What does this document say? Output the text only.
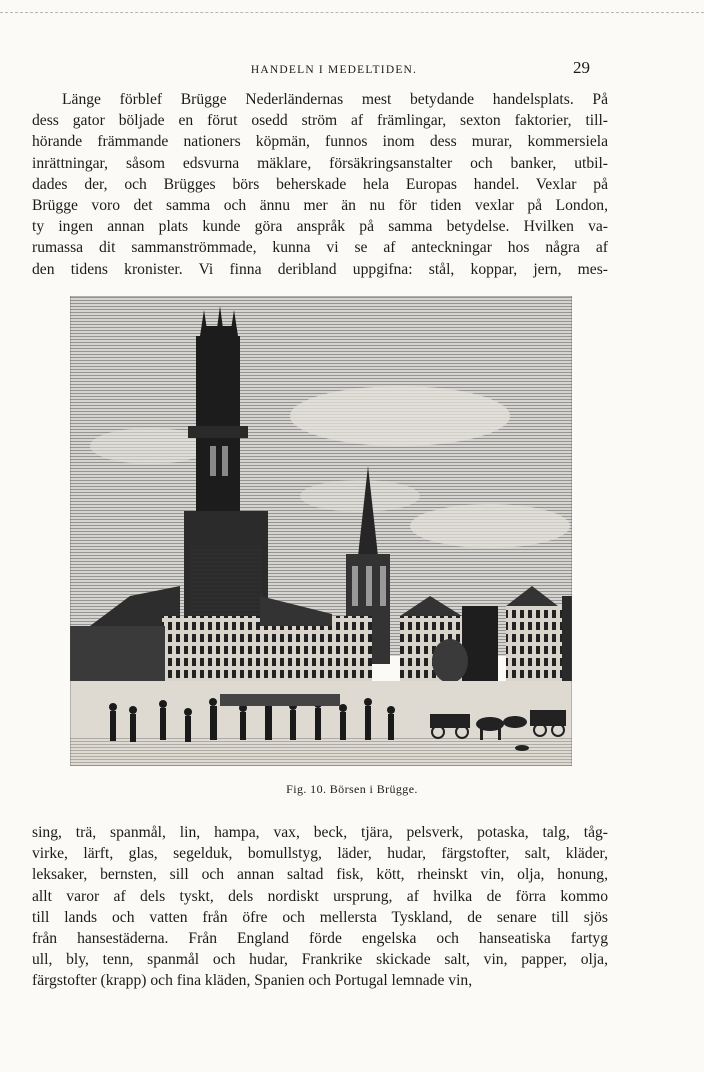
HANDELN I MEDELTIDEN.	29
Länge förblef Brügge Nederländernas mest betydande handelsplats. På
dess gator böljade en förut osedd ström af främlingar, sexton faktorier, till-
hörande främmande nationers köpmän, funnos inom dess murar, kommersiela
inrättningar, såsom edsvurna mäklare, försäkringsanstalter och banker, utbil-
dades der, och Brügges börs beherskade hela Europas handel. Vexlar på
Brügge voro det samma och ännu mer än nu för tiden vexlar på London,
ty ingen annan plats kunde göra anspråk på samma betydelse. Hvilken va-
rumassa dit sammanströmmade, kunna vi se af anteckningar hos några af
den tidens kronister. Vi finna deribland uppgifna: stål, koppar, jern, mes-
Fig. 10. Börsen i Brügge.
sing, trä, spanmål, lin, hampa, vax, beck, tjära, pelsverk, potaska, talg, tåg-
virke, lärft, glas, segelduk, bomullstyg, läder, hudar, färgstofter, salt, kläder,
leksaker, bernsten, sill och annan saltad fisk, kött, rheinskt vin, olja, honung,
allt varor af dels tyskt, dels nordiskt ursprung, af hvilka de förra kommo
till lands och vatten från öfre och mellersta Tyskland, de senare till sjös
från hansestäderna. Från England förde engelska och hanseatiska fartyg
ull, bly, tenn, spanmål och hudar, Frankrike skickade salt, vin, papper, olja,
färgstofter (krapp) och fina kläden, Spanien och Portugal lemnade vin,
